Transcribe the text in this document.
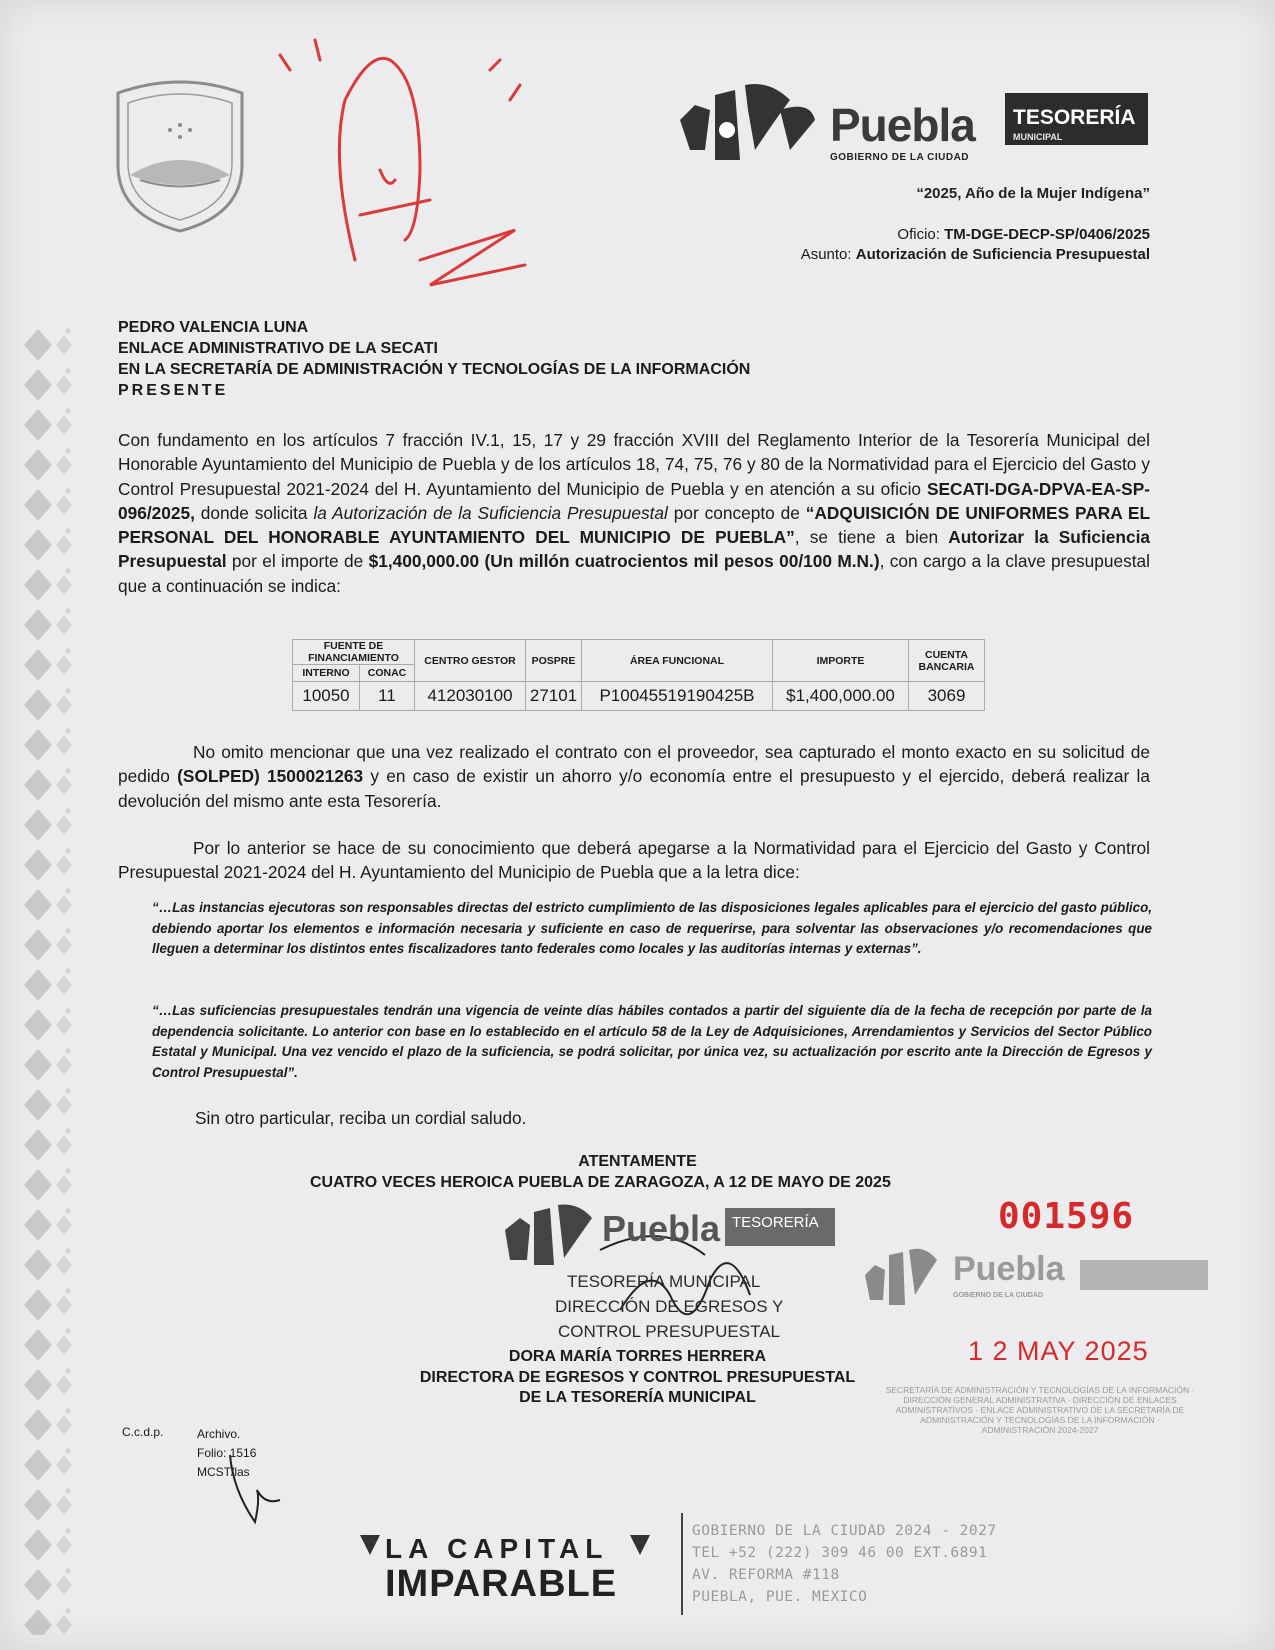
Puebla
GOBIERNO DE LA CIUDAD
TESORERÍA
MUNICIPAL
“2025, Año de la Mujer Indígena”
Oficio: TM-DGE-DECP-SP/0406/2025
Asunto: Autorización de Suficiencia Presupuestal
PEDRO VALENCIA LUNA
ENLACE ADMINISTRATIVO DE LA SECATI
EN LA SECRETARÍA DE ADMINISTRACIÓN Y TECNOLOGÍAS DE LA INFORMACIÓN
PRESENTE
Con fundamento en los artículos 7 fracción IV.1, 15, 17 y 29 fracción XVIII del Reglamento Interior de la Tesorería Municipal del Honorable Ayuntamiento del Municipio de Puebla y de los artículos 18, 74, 75, 76 y 80 de la Normatividad para el Ejercicio del Gasto y Control Presupuestal 2021-2024 del H. Ayuntamiento del Municipio de Puebla y en atención a su oficio SECATI-DGA-DPVA-EA-SP-096/2025, donde solicita la Autorización de la Suficiencia Presupuestal por concepto de “ADQUISICIÓN DE UNIFORMES PARA EL PERSONAL DEL HONORABLE AYUNTAMIENTO DEL MUNICIPIO DE PUEBLA”, se tiene a bien Autorizar la Suficiencia Presupuestal por el importe de $1,400,000.00 (Un millón cuatrocientos mil pesos 00/100 M.N.), con cargo a la clave presupuestal que a continuación se indica:
FUENTE DE FINANCIAMIENTO		CENTRO GESTOR	POSPRE	ÁREA FUNCIONAL	IMPORTE	CUENTA BANCARIA
INTERNO	CONAC					
10050	11	412030100	27101	P10045519190425B	$1,400,000.00	3069
No omito mencionar que una vez realizado el contrato con el proveedor, sea capturado el monto exacto en su solicitud de pedido (SOLPED) 1500021263 y en caso de existir un ahorro y/o economía entre el presupuesto y el ejercido, deberá realizar la devolución del mismo ante esta Tesorería.
Por lo anterior se hace de su conocimiento que deberá apegarse a la Normatividad para el Ejercicio del Gasto y Control Presupuestal 2021-2024 del H. Ayuntamiento del Municipio de Puebla que a la letra dice:
“…Las instancias ejecutoras son responsables directas del estricto cumplimiento de las disposiciones legales aplicables para el ejercicio del gasto público, debiendo aportar los elementos e información necesaria y suficiente en caso de requerirse, para solventar las observaciones y/o recomendaciones que lleguen a determinar los distintos entes fiscalizadores tanto federales como locales y las auditorías internas y externas”.
“…Las suficiencias presupuestales tendrán una vigencia de veinte días hábiles contados a partir del siguiente día de la fecha de recepción por parte de la dependencia solicitante. Lo anterior con base en lo establecido en el artículo 58 de la Ley de Adquisiciones, Arrendamientos y Servicios del Sector Público Estatal y Municipal. Una vez vencido el plazo de la suficiencia, se podrá solicitar, por única vez, su actualización por escrito ante la Dirección de Egresos y Control Presupuestal”.
Sin otro particular, reciba un cordial saludo.
ATENTAMENTE
CUATRO VECES HEROICA PUEBLA DE ZARAGOZA, A 12 DE MAYO DE 2025
Puebla TESORERÍA
TESORERÍA MUNICIPAL
DIRECCIÓN DE EGRESOS Y
CONTROL PRESUPUESTAL
DORA MARÍA TORRES HERRERA
DIRECTORA DE EGRESOS Y CONTROL PRESUPUESTAL
DE LA TESORERÍA MUNICIPAL
001596
Puebla
GOBIERNO DE LA CIUDAD
1 2 MAY 2025
SECRETARÍA DE ADMINISTRACIÓN Y TECNOLOGÍAS DE LA INFORMACIÓN · DIRECCIÓN GENERAL ADMINISTRATIVA · DIRECCIÓN DE ENLACES ADMINISTRATIVOS · ENLACE ADMINISTRATIVO DE LA SECRETARÍA DE ADMINISTRACIÓN Y TECNOLOGÍAS DE LA INFORMACIÓN · ADMINISTRACIÓN 2024-2027
C.c.d.p.	Archivo.
Folio: 1516
MCST/las
LA CAPITAL
IMPARABLE
GOBIERNO DE LA CIUDAD 2024 - 2027
TEL +52 (222) 309 46 00 EXT.6891
AV. REFORMA #118
PUEBLA, PUE. MEXICO
